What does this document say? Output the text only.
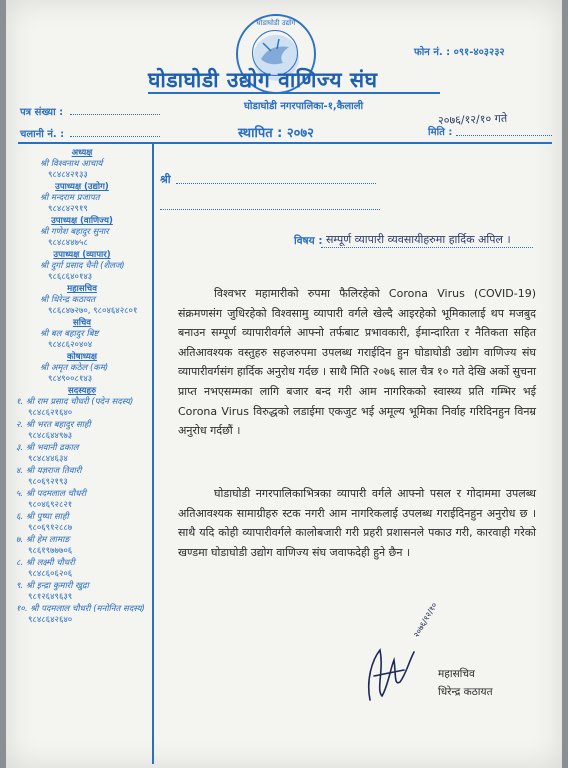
घोडाघोडी उद्योग
फोन नं. : ०९१-४०३२३२
घोडाघोडी उद्योग वाणिज्य संघ
घोडाघोडी नगरपालिका-१,कैलाली
पत्र संख्या :
चलानी नं. :	स्थापित : २०७२	मिति :
२०७६/१२/१० गते
अध्यक्ष
श्री विश्वनाथ आचार्य
९८४८४२१३३
उपाध्यक्ष (उद्योग)
श्री मन्दराम प्रजापत
९८४८४२९१९
उपाध्यक्ष (वाणिज्य)
श्री गणेश बहादुर सुनार
९८४८४४७५८
उपाध्यक्ष (व्यापार)
श्री दुर्गा प्रसाद चैनी (शैलज)
९८६८६४०१४३
महासचिव
श्री धिरेन्द्र कठायत
९८६८४७२७०, ९८०४६४२८०१
सचिव
श्री बल बहादुर बिष्ट
९८४८६२०४०४
कोषाध्यक्ष
श्री अमृत कठेल (कम)
९८४९००८१४३
सदस्यहरु
१. श्री राम प्रसाद चौधरी (पदेन सदस्य)
९८४८६२१६४०
२. श्री भरत बहादुर साही
९८४८६४४९७३
३. श्री भवानी ढकाल
९८४८४४६३४
४. श्री यज्ञराज तिवारी
९८०६९२१९३
५. श्री पदमलाल चौधरी
९८०४६९२८२१
६. श्री पुष्पा साही
९८०६९१२८८७
७. श्री हेम लामाङ
९८६१९७७७०६
८. श्री लक्ष्मी चौधरी
९८४८६०६२०६
९. श्री इन्द्रा कुमारी खुद्रा
९८१२६४९६३९
१०. श्री पदमलाल चौधरी (मनोनित सदस्य)
९८४८६४२६४०
श्री
विषय : सम्पूर्ण व्यापारी व्यवसायीहरुमा हार्दिक अपिल ।
विश्वभर महामारीको रुपमा फैलिरहेको Corona Virus (COVID-19) संक्रमणसंग जुधिरहेको विश्वसामु व्यापारी वर्गले खेल्दै आइरहेको भूमिकालाई थप मजबुद बनाउन सम्पूर्ण व्यापारीवर्गले आफ्नो तर्फबाट प्रभावकारी, ईमान्दारिता र नैतिकता सहित अतिआवश्यक वस्तुहरु सहजरुपमा उपलब्ध गराईदिन हुन घोडाघोडी उद्योग वाणिज्य संघ व्यापारीवर्गसंग हार्दिक अनुरोध गर्दछ । साथै मिति २०७६ साल चैत्र १० गते देखि अर्को सुचना प्राप्त नभएसम्मका लागि बजार बन्द गरी आम नागरिकको स्वास्थ्य प्रति गम्भिर भई Corona Virus विरुद्धको लडाईमा एकजुट भई अमूल्य भूमिका निर्वाह गरिदिनहुन विनम्र अनुरोध गर्दछौं ।
घोडाघोडी नगरपालिकाभित्रका व्यापारी वर्गले आफ्नो पसल र गोदाममा उपलब्ध अतिआवश्यक सामाग्रीहरु स्टक नगरी आम नागरिकलाई उपलब्ध गराईदिनहुन अनुरोध छ । साथै यदि कोही व्यापारीवर्गले कालोबजारी गरी प्रहरी प्रशासनले पकाउ गरी, कारवाही गरेको खण्डमा घोडाघोडी उद्योग वाणिज्य संघ जवाफदेही हुने छैन ।
२०७६/१२/१०
महासचिव
धिरेन्द्र कठायत
